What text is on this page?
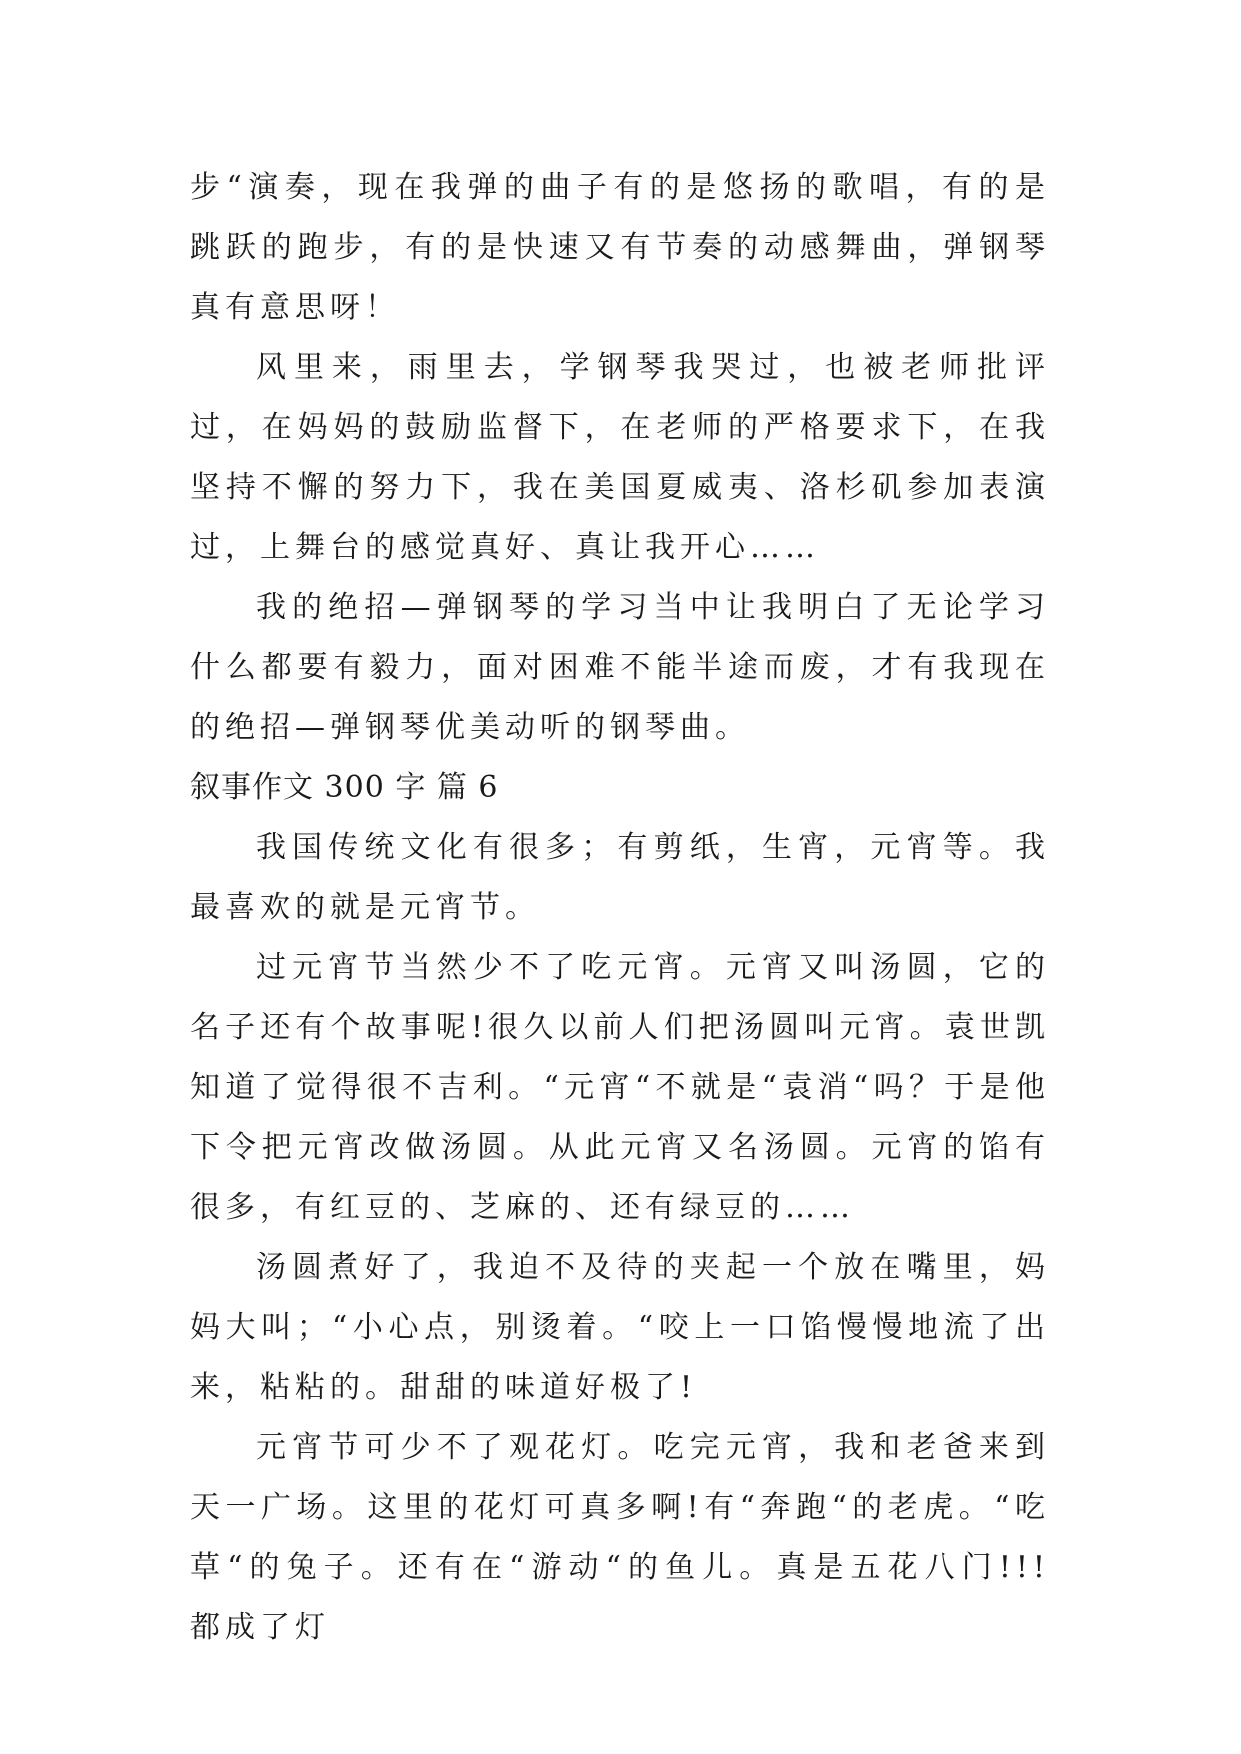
步“演奏，现在我弹的曲子有的是悠扬的歌唱，有的是跳跃的跑步，有的是快速又有节奏的动感舞曲，弹钢琴真有意思呀！

风里来，雨里去，学钢琴我哭过，也被老师批评过，在妈妈的鼓励监督下，在老师的严格要求下，在我坚持不懈的努力下，我在美国夏威夷、洛杉矶参加表演过，上舞台的感觉真好、真让我开心……

我的绝招—弹钢琴的学习当中让我明白了无论学习什么都要有毅力，面对困难不能半途而废，才有我现在的绝招—弹钢琴优美动听的钢琴曲。

叙事作文 300 字 篇 6

我国传统文化有很多；有剪纸，生宵，元宵等。我最喜欢的就是元宵节。

过元宵节当然少不了吃元宵。元宵又叫汤圆，它的名子还有个故事呢!很久以前人们把汤圆叫元宵。袁世凯知道了觉得很不吉利。“元宵“不就是“袁消“吗？于是他下令把元宵改做汤圆。从此元宵又名汤圆。元宵的馅有很多，有红豆的、芝麻的、还有绿豆的……

汤圆煮好了，我迫不及待的夹起一个放在嘴里，妈妈大叫；“小心点，别烫着。“咬上一口馅慢慢地流了出来，粘粘的。甜甜的味道好极了!

元宵节可少不了观花灯。吃完元宵，我和老爸来到天一广场。这里的花灯可真多啊!有“奔跑“的老虎。“吃草“的兔子。还有在“游动“的鱼儿。真是五花八门!!! 都成了灯
